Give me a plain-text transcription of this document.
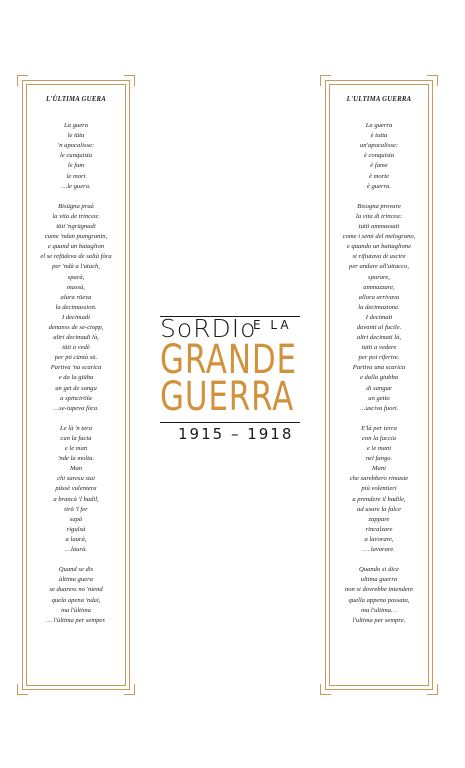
L'ÙLTIMA GUERA
La guera
le tüta
'n apocalisse:
le cunquista
le fam
le mort
…le guera.
Bisügna pruà
la vita de trincea:
tüti 'ngrügnadi
cume 'ndun pumgranin,
e quand un bataglion
el se refüdeva de saltà fòra
per 'ndà a l'atach,
sparà,
massà,
alura rüeva
la decimassion.
I decimadi
denanss de se-ciopp,
altri decimadi là,
tüti a vedè
per pö cüntà sü.
Partiva 'na scarica
e da la giüba
un get de sangu
a spinciröla
…se-iupeva fòra.
Le là 'n tera
cun la facia
e le man
'nde la molta.
Man
chi saresu stai
püssè vulentera
a brancà 'l badil,
tirà 'l fer
sapà
rigulsà
a laurà,
…laurà.
Quand se dis
ùltima guera
se duaress no 'ntend
quela apena 'ndai,
ma l'ùltima
… l'ùltima per semper.
L'ULTIMA GUERRA
La guerra
è tutta
un'apocalisse:
è conquista
è fame
è morte
è guerra.
Bisogna provare
la vita di trincea:
tutti ammassati
come i semi del melograno,
e quando un battaglione
si rifiutava di uscire
per andare all'attacco,
sparare,
ammazzare,
allora arrivava
la decimazione.
I decimati
davanti al fucile.
altri decimati là,
tutti a vedere
per poi riferire.
Partiva una scarica
e dalla giubba
di sangue
un getto
…usciva fuori.
E'là per terra
con la faccia
e le mani
nel fango.
Mani
che sarebbero rimaste
più volentieri
a prendere il badile,
ad usare la falce
zappare
rincalzare
a lavorare,
… lavorare.
Quando si dice
ultima guerra
non si dovrebbe intendere
quella appena passata,
ma l'ultima…
l'ultima per sempre.
SoRDIo
E LA
GRANDE
GUERRA
1915 – 1918
